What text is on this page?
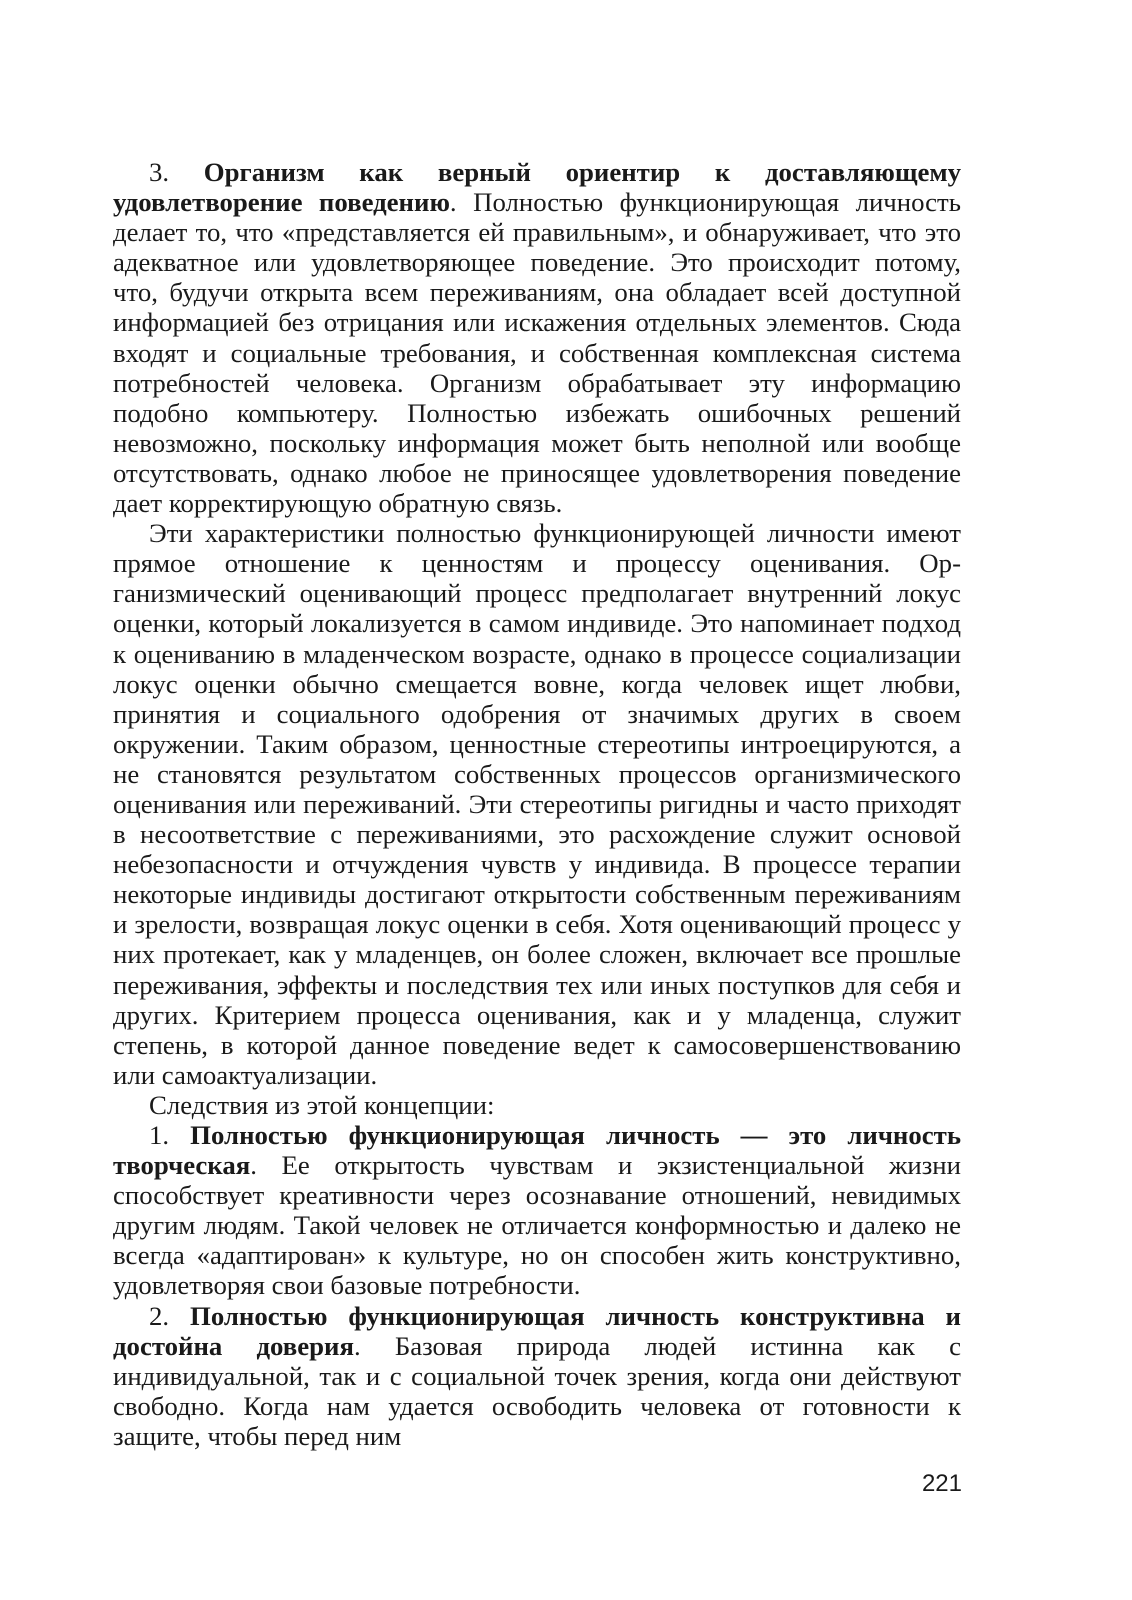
3. Организм как верный ориентир к доставляющему удовлетворение поведению. Полностью функционирующая личность делает то, что «представляется ей правильным», и обнаруживает, что это адекватное или удовлетворяющее поведение. Это происходит потому, что, будучи открыта всем переживаниям, она обладает всей доступной информацией без отрицания или искажения отдельных элементов. Сюда входят и социальные требования, и собственная комплексная система потребностей человека. Организм обрабатывает эту информацию подобно компьютеру. Полностью избежать ошибочных решений невозможно, поскольку информация может быть неполной или вообще отсутствовать, однако любое не приносящее удовлетворения поведение дает корректирующую обратную связь.

Эти характеристики полностью функционирующей личности имеют прямое отношение к ценностям и процессу оценивания. Организмический оценивающий процесс предполагает внутренний локус оценки, который локализуется в самом индивиде. Это напоминает подход к оцениванию в младенческом возрасте, однако в процессе социализации локус оценки обычно смещается вовне, когда человек ищет любви, принятия и социального одобрения от значимых других в своем окружении. Таким образом, ценностные стереотипы интроецируются, а не становятся результатом собственных процессов организмического оценивания или переживаний. Эти стереотипы ригидны и часто приходят в несоответствие с переживаниями, это расхождение служит основой небезопасности и отчуждения чувств у индивида. В процессе терапии некоторые индивиды достигают открытости собственным переживаниям и зрелости, возвращая локус оценки в себя. Хотя оценивающий процесс у них протекает, как у младенцев, он более сложен, включает все прошлые переживания, эффекты и последствия тех или иных поступков для себя и других. Критерием процесса оценивания, как и у младенца, служит степень, в которой данное поведение ведет к самосовершенствованию или самоактуализации.

Следствия из этой концепции:

1. Полностью функционирующая личность — это личность творческая. Ее открытость чувствам и экзистенциальной жизни способствует креативности через осознавание отношений, невидимых другим людям. Такой человек не отличается конформностью и далеко не всегда «адаптирован» к культуре, но он способен жить конструктивно, удовлетворяя свои базовые потребности.

2. Полностью функционирующая личность конструктивна и достойна доверия. Базовая природа людей истинна как с индивидуальной, так и с социальной точек зрения, когда они действуют свободно. Когда нам удается освободить человека от готовности к защите, чтобы перед ним

221
